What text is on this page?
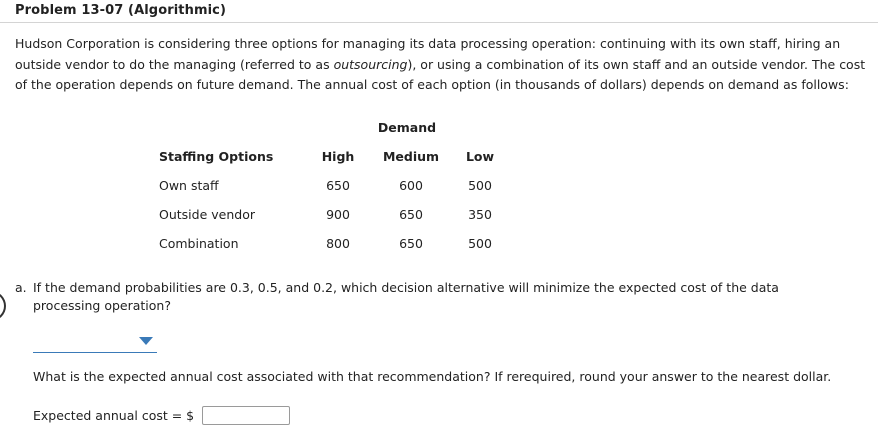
Problem 13-07 (Algorithmic)
Hudson Corporation is considering three options for managing its data processing operation: continuing with its own staff, hiring an outside vendor to do the managing (referred to as outsourcing), or using a combination of its own staff and an outside vendor. The cost of the operation depends on future demand. The annual cost of each option (in thousands of dollars) depends on demand as follows:
	Demand		
Staffing Options	High	Medium	Low
Own staff	650	600	500
Outside vendor	900	650	350
Combination	800	650	500
a. If the demand probabilities are 0.3, 0.5, and 0.2, which decision alternative will minimize the expected cost of the data processing operation?
What is the expected annual cost associated with that recommendation? If rerequired, round your answer to the nearest dollar.
Expected annual cost = $
